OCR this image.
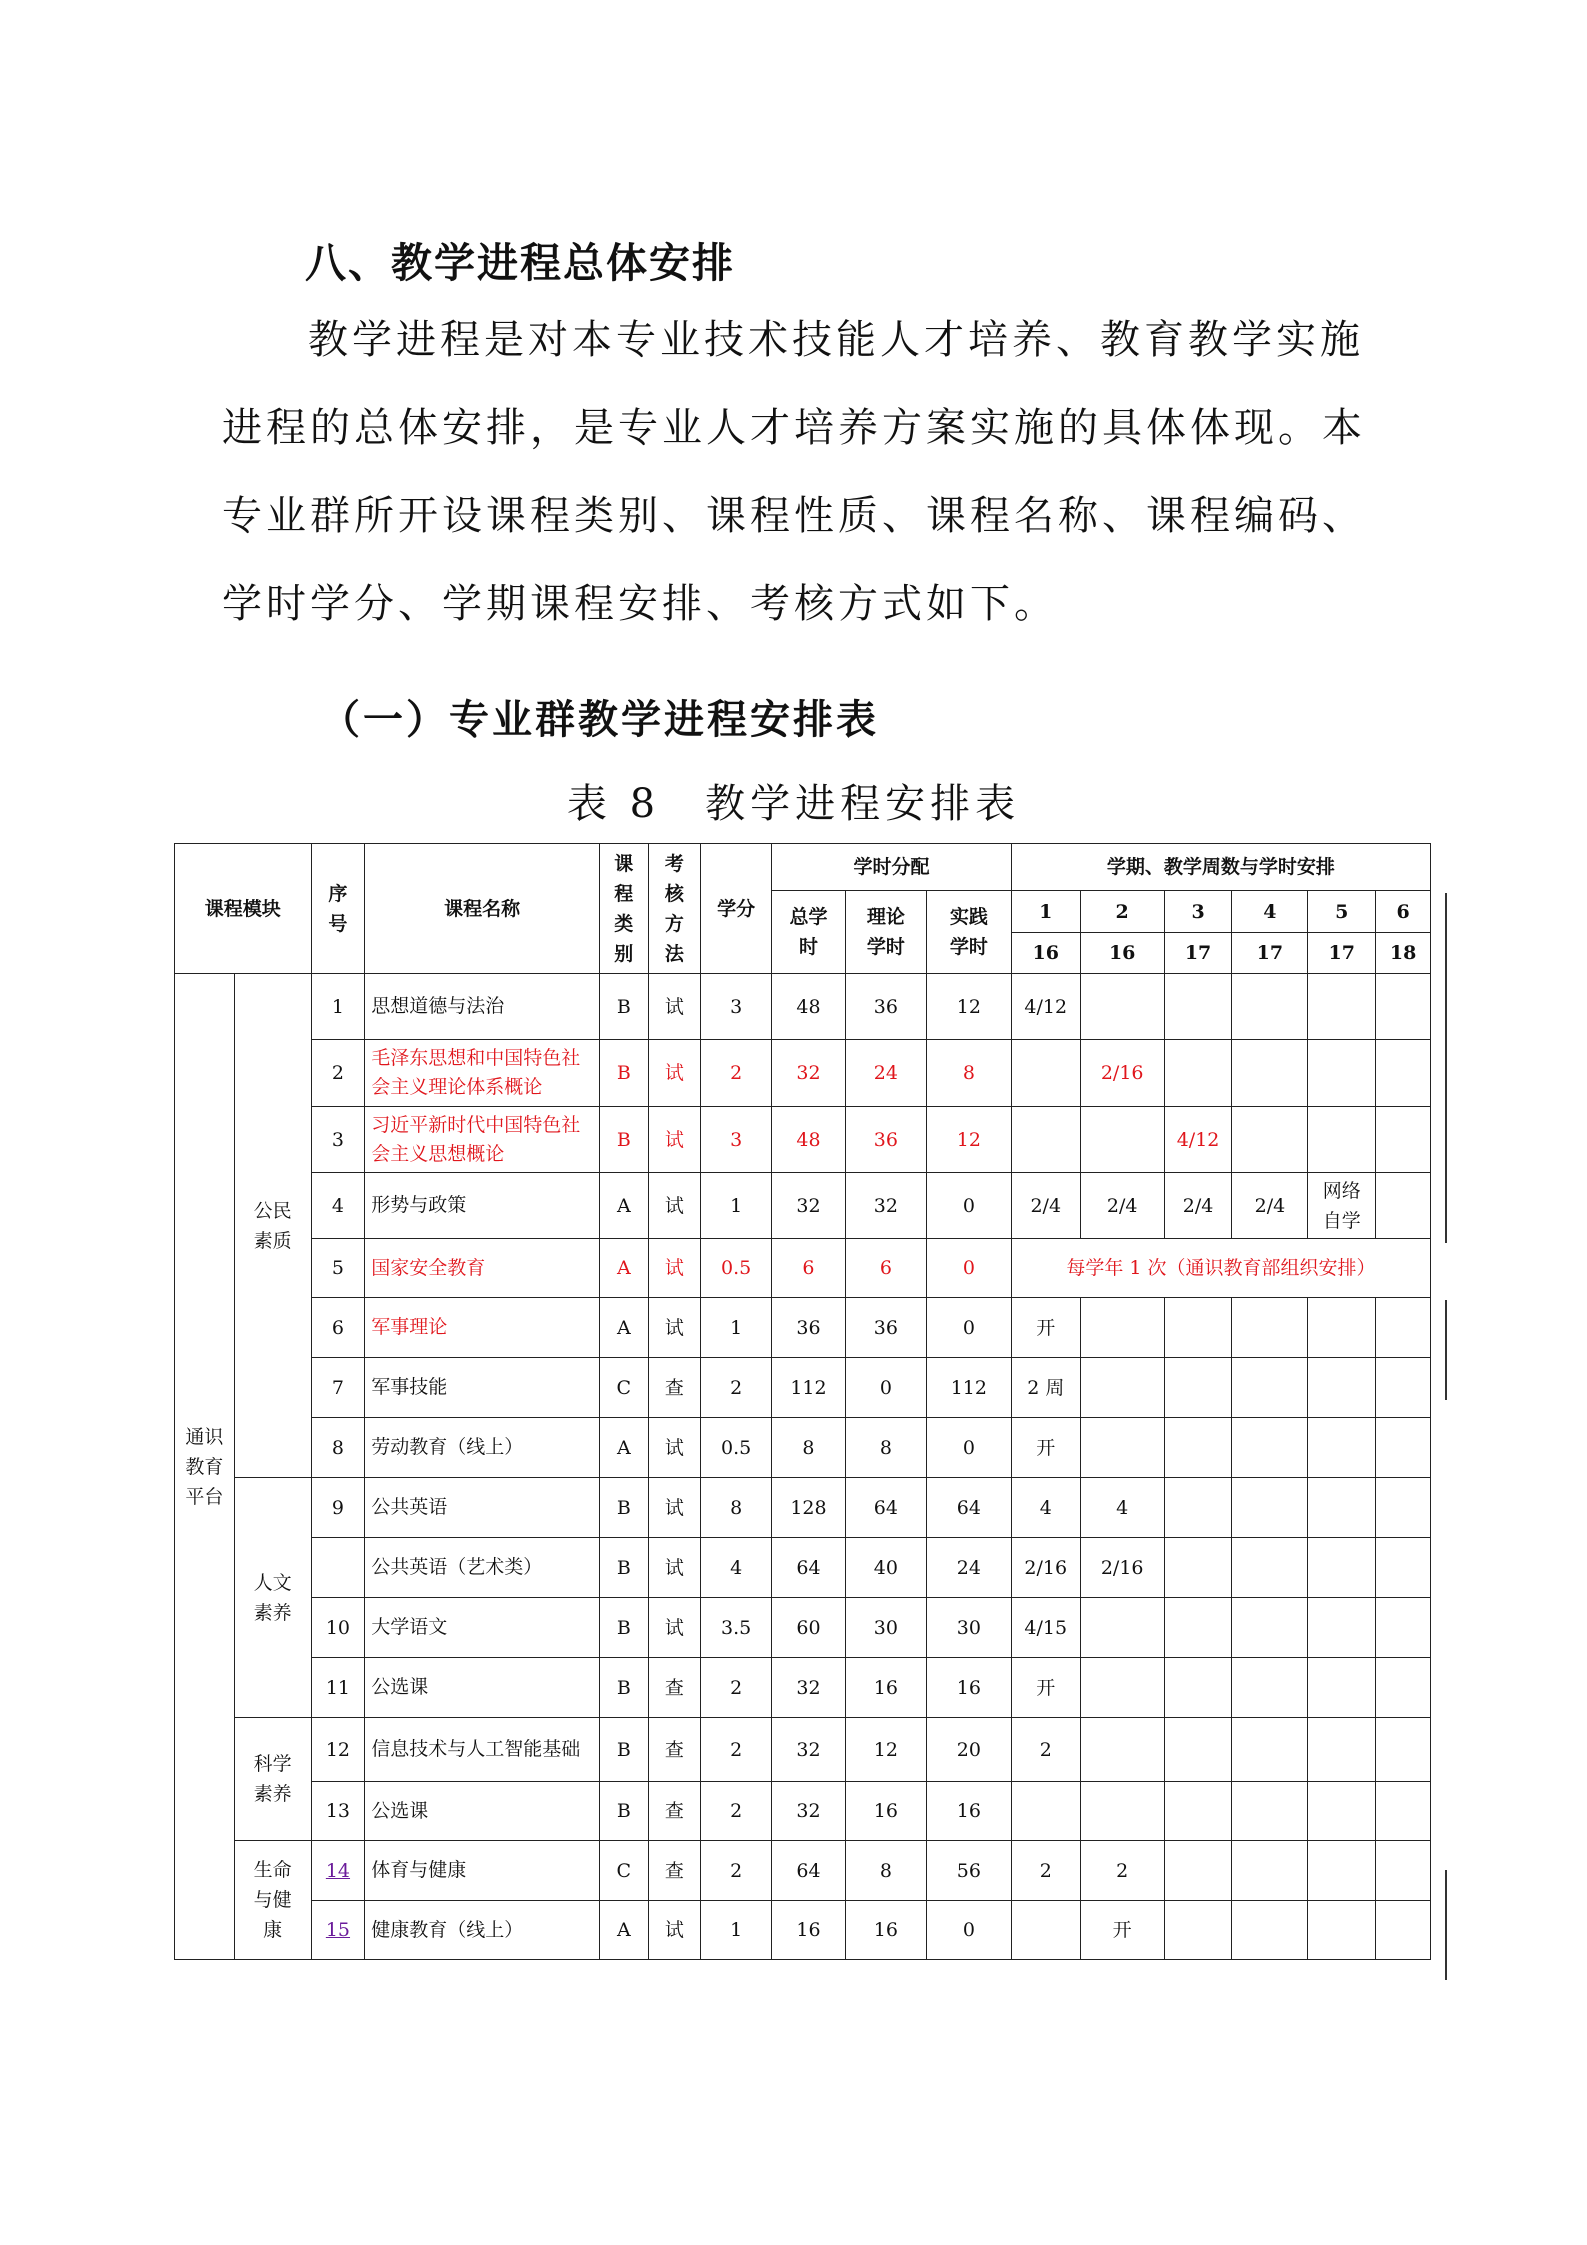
八、教学进程总体安排

教学进程是对本专业技术技能人才培养、教育教学实施进程的总体安排，是专业人才培养方案实施的具体体现。本专业群所开设课程类别、课程性质、课程名称、课程编码、学时学分、学期课程安排、考核方式如下。

（一）专业群教学进程安排表
表 8　教学进程安排表
课程模块		序号	课程名称	课程类别	考核方法	学分	学时分配			学期、教学周数与学时安排					
							总学时	理论学时	实践学时	1	2	3	4	5	6
										16	16	17	17	17	18
通识教育平台	公民素质	1	思想道德与法治	B	试	3	48	36	12	4/12					
		2	毛泽东思想和中国特色社会主义理论体系概论	B	试	2	32	24	8		2/16				
		3	习近平新时代中国特色社会主义思想概论	B	试	3	48	36	12			4/12			
		4	形势与政策	A	试	1	32	32	0	2/4	2/4	2/4	2/4	网络自学	
		5	国家安全教育	A	试	0.5	6	6	0	每学年 1 次（通识教育部组织安排）					
		6	军事理论	A	试	1	36	36	0	开					
		7	军事技能	C	查	2	112	0	112	2 周					
		8	劳动教育（线上）	A	试	0.5	8	8	0	开					
	人文素养	9	公共英语	B	试	8	128	64	64	4	4				
			公共英语（艺术类）	B	试	4	64	40	24	2/16	2/16				
		10	大学语文	B	试	3.5	60	30	30	4/15					
		11	公选课	B	查	2	32	16	16	开					
	科学素养	12	信息技术与人工智能基础	B	查	2	32	12	20	2					
		13	公选课	B	查	2	32	16	16						
	生命与健康	14	体育与健康	C	查	2	64	8	56	2	2				
		15	健康教育（线上）	A	试	1	16	16	0		开				
